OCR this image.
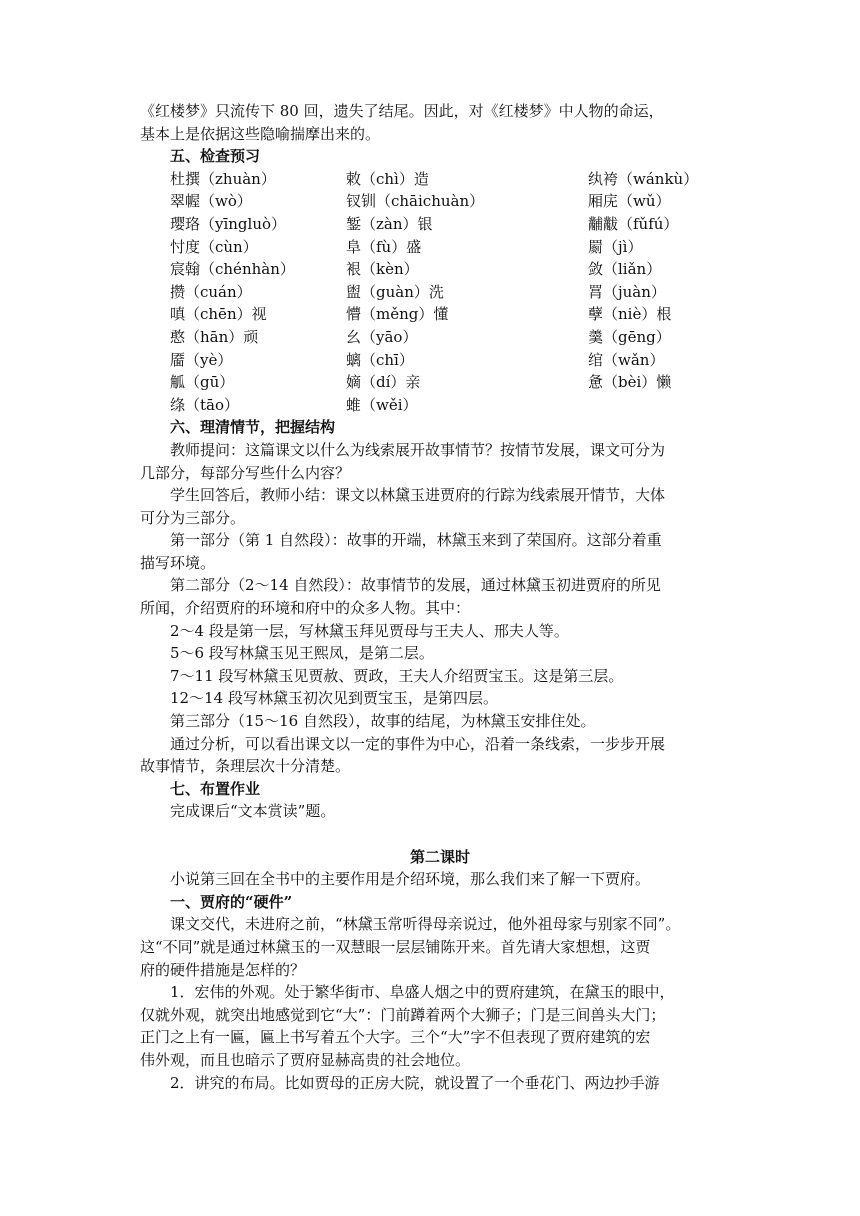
《红楼梦》只流传下 80 回，遗失了结尾。因此，对《红楼梦》中人物的命运，

基本上是依据这些隐喻揣摩出来的。

五、检查预习

杜撰（zhuàn）	敕（chì）造	纨袴（wánkù）
翠幄（wò）	钗钏（chāichuàn）	厢庑（wǔ）
璎珞（yīngluò）	錾（zàn）银	黼黻（fǔfú）
忖度（cùn）	阜（fù）盛	罽（jì）
宸翰（chénhàn）	裉（kèn）	敛（liǎn）
攒（cuán）	盥（guàn）洗	罥（juàn）
嗔（chēn）视	懵（měng）懂	孽（niè）根
憨（hān）顽	幺（yāo）	羹（gēng）
靥（yè）	螭（chī）	绾（wǎn）
觚（gū）	嫡（dí）亲	惫（bèi）懒
绦（tāo）	蜼（wěi）

六、理清情节，把握结构

教师提问：这篇课文以什么为线索展开故事情节？按情节发展，课文可分为

几部分，每部分写些什么内容？

学生回答后，教师小结：课文以林黛玉进贾府的行踪为线索展开情节，大体

可分为三部分。

第一部分（第 1 自然段）：故事的开端，林黛玉来到了荣国府。这部分着重

描写环境。

第二部分（2～14 自然段）：故事情节的发展，通过林黛玉初进贾府的所见

所闻，介绍贾府的环境和府中的众多人物。其中：

2～4 段是第一层，写林黛玉拜见贾母与王夫人、邢夫人等。

5～6 段写林黛玉见王熙凤，是第二层。

7～11 段写林黛玉见贾赦、贾政，王夫人介绍贾宝玉。这是第三层。

12～14 段写林黛玉初次见到贾宝玉，是第四层。

第三部分（15～16 自然段），故事的结尾，为林黛玉安排住处。

通过分析，可以看出课文以一定的事件为中心，沿着一条线索，一步步开展

故事情节，条理层次十分清楚。

七、布置作业

完成课后“文本赏读”题。

第二课时

小说第三回在全书中的主要作用是介绍环境，那么我们来了解一下贾府。

一、贾府的“硬件”

课文交代，未进府之前，“林黛玉常听得母亲说过，他外祖母家与别家不同”。

这“不同”就是通过林黛玉的一双慧眼一层层铺陈开来。首先请大家想想，这贾

府的硬件措施是怎样的？

1．宏伟的外观。处于繁华街市、阜盛人烟之中的贾府建筑，在黛玉的眼中，

仅就外观，就突出地感觉到它“大”：门前蹲着两个大狮子；门是三间兽头大门；

正门之上有一匾，匾上书写着五个大字。三个“大”字不但表现了贾府建筑的宏

伟外观，而且也暗示了贾府显赫高贵的社会地位。

2．讲究的布局。比如贾母的正房大院，就设置了一个垂花门、两边抄手游
